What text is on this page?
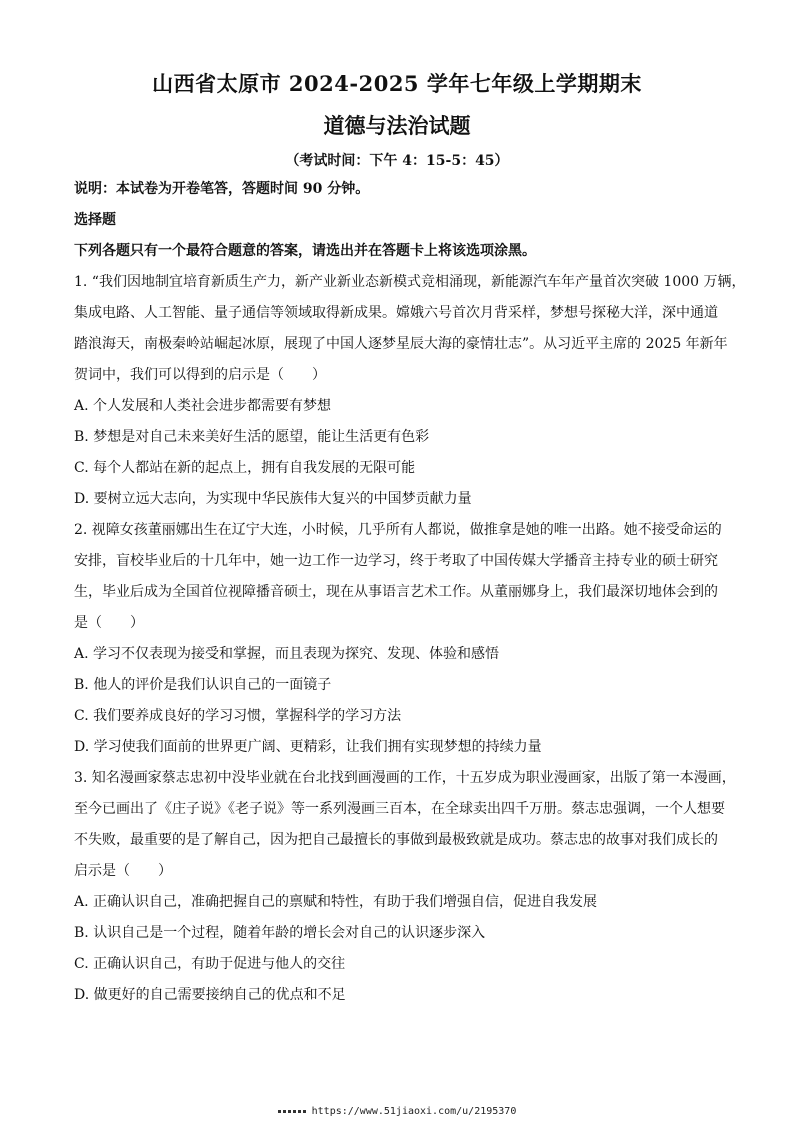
山西省太原市 2024-2025 学年七年级上学期期末
道德与法治试题
（考试时间：下午 4：15-5：45）
说明：本试卷为开卷笔答，答题时间 90 分钟。
选择题
下列各题只有一个最符合题意的答案，请选出并在答题卡上将该选项涂黑。
1. “我们因地制宜培育新质生产力，新产业新业态新模式竞相涌现，新能源汽车年产量首次突破 1000 万辆，
集成电路、人工智能、量子通信等领域取得新成果。嫦娥六号首次月背采样，梦想号探秘大洋，深中通道
踏浪海天，南极秦岭站崛起冰原，展现了中国人逐梦星辰大海的豪情壮志”。从习近平主席的 2025 年新年
贺词中，我们可以得到的启示是（　　）
A. 个人发展和人类社会进步都需要有梦想
B. 梦想是对自己未来美好生活的愿望，能让生活更有色彩
C. 每个人都站在新的起点上，拥有自我发展的无限可能
D. 要树立远大志向，为实现中华民族伟大复兴的中国梦贡献力量
2. 视障女孩董丽娜出生在辽宁大连，小时候，几乎所有人都说，做推拿是她的唯一出路。她不接受命运的
安排，盲校毕业后的十几年中，她一边工作一边学习，终于考取了中国传媒大学播音主持专业的硕士研究
生，毕业后成为全国首位视障播音硕士，现在从事语言艺术工作。从董丽娜身上，我们最深切地体会到的
是（　　）
A. 学习不仅表现为接受和掌握，而且表现为探究、发现、体验和感悟
B. 他人的评价是我们认识自己的一面镜子
C. 我们要养成良好的学习习惯，掌握科学的学习方法
D. 学习使我们面前的世界更广阔、更精彩，让我们拥有实现梦想的持续力量
3. 知名漫画家蔡志忠初中没毕业就在台北找到画漫画的工作，十五岁成为职业漫画家，出版了第一本漫画，
至今已画出了《庄子说》《老子说》等一系列漫画三百本，在全球卖出四千万册。蔡志忠强调，一个人想要
不失败，最重要的是了解自己，因为把自己最擅长的事做到最极致就是成功。蔡志忠的故事对我们成长的
启示是（　　）
A. 正确认识自己，准确把握自己的禀赋和特性，有助于我们增强自信，促进自我发展
B. 认识自己是一个过程，随着年龄的增长会对自己的认识逐步深入
C. 正确认识自己，有助于促进与他人的交往
D. 做更好的自己需要接纳自己的优点和不足
https://www.51jiaoxi.com/u/2195370
